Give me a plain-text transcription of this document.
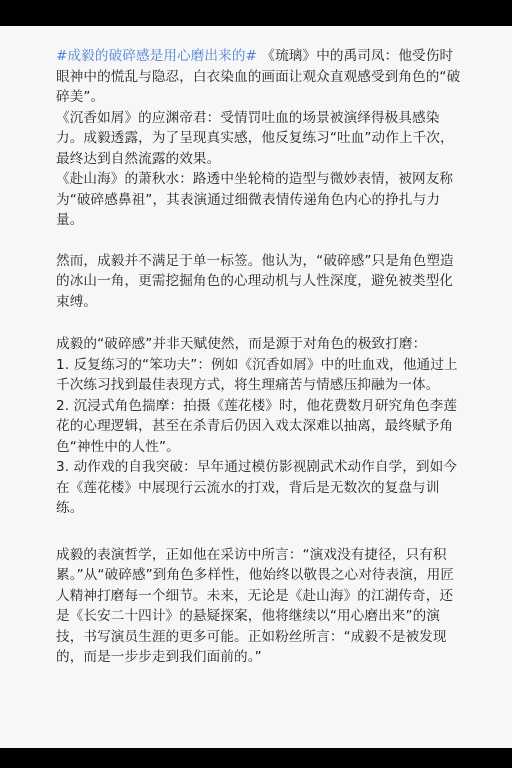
#成毅的破碎感是用心磨出来的# 《琉璃》中的禹司凤：他受伤时眼神中的慌乱与隐忍，白衣染血的画面让观众直观感受到角色的“破碎美”。

《沉香如屑》的应渊帝君：受情罚吐血的场景被演绎得极具感染力。成毅透露，为了呈现真实感，他反复练习“吐血”动作上千次，最终达到自然流露的效果。

《赴山海》的萧秋水：路透中坐轮椅的造型与微妙表情，被网友称为“破碎感鼻祖”，其表演通过细微表情传递角色内心的挣扎与力量。

然而，成毅并不满足于单一标签。他认为，“破碎感”只是角色塑造的冰山一角，更需挖掘角色的心理动机与人性深度，避免被类型化束缚。

成毅的“破碎感”并非天赋使然，而是源于对角色的极致打磨：

1. 反复练习的“笨功夫”：例如《沉香如屑》中的吐血戏，他通过上千次练习找到最佳表现方式，将生理痛苦与情感压抑融为一体。

2. 沉浸式角色揣摩：拍摄《莲花楼》时，他花费数月研究角色李莲花的心理逻辑，甚至在杀青后仍因入戏太深难以抽离，最终赋予角色“神性中的人性”。

3. 动作戏的自我突破：早年通过模仿影视剧武术动作自学，到如今在《莲花楼》中展现行云流水的打戏，背后是无数次的复盘与训练。

成毅的表演哲学，正如他在采访中所言：“演戏没有捷径，只有积累。”从“破碎感”到角色多样性，他始终以敬畏之心对待表演，用匠人精神打磨每一个细节。未来，无论是《赴山海》的江湖传奇，还是《长安二十四计》的悬疑探案，他将继续以“用心磨出来”的演技，书写演员生涯的更多可能。正如粉丝所言：“成毅不是被发现的，而是一步步走到我们面前的。”
